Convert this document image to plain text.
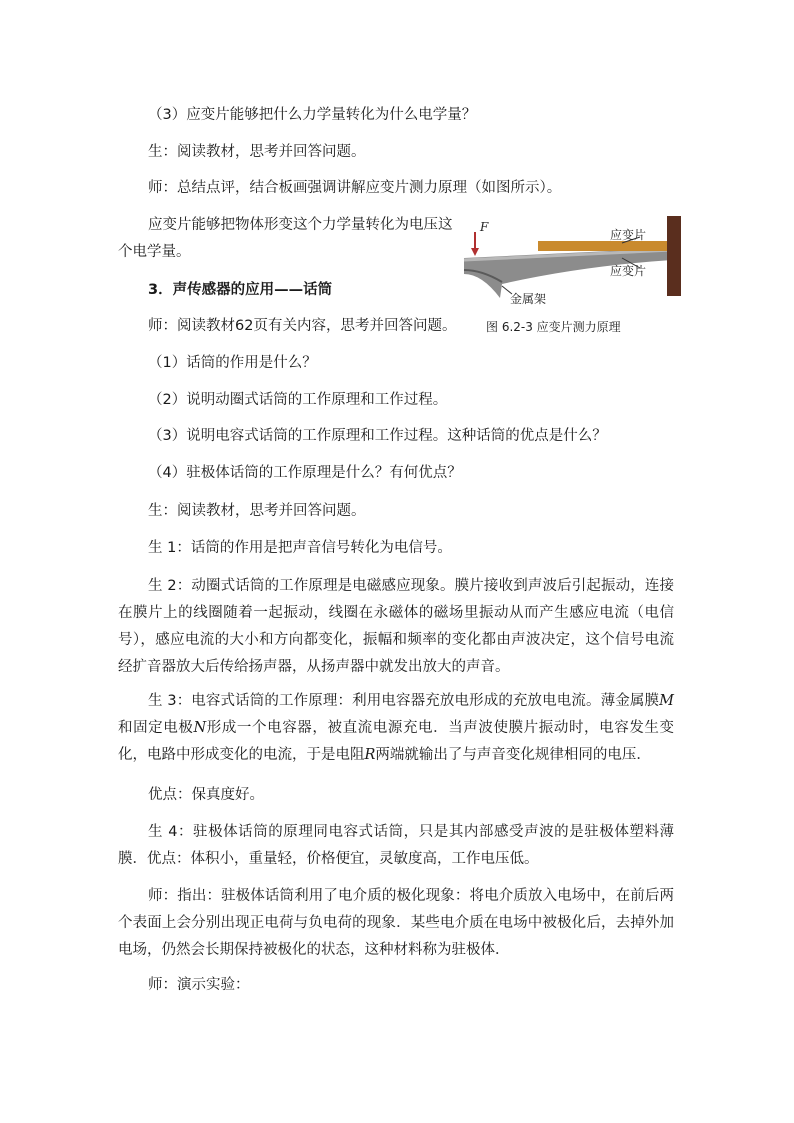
（3）应变片能够把什么力学量转化为什么电学量？
生：阅读教材，思考并回答问题。
师：总结点评，结合板画强调讲解应变片测力原理（如图所示）。
应变片能够把物体形变这个力学量转化为电压这
个电学量。
3．声传感器的应用——话筒
师：阅读教材62页有关内容，思考并回答问题。
F
应变片
应变片
金属架
图 6.2-3 应变片测力原理
（1）话筒的作用是什么？
（2）说明动圈式话筒的工作原理和工作过程。
（3）说明电容式话筒的工作原理和工作过程。这种话筒的优点是什么？
（4）驻极体话筒的工作原理是什么？有何优点？
生：阅读教材，思考并回答问题。
生 1：话筒的作用是把声音信号转化为电信号。
生 2：动圈式话筒的工作原理是电磁感应现象。膜片接收到声波后引起振动，连接在膜片上的线圈随着一起振动，线圈在永磁体的磁场里振动从而产生感应电流（电信号），感应电流的大小和方向都变化，振幅和频率的变化都由声波决定，这个信号电流经扩音器放大后传给扬声器，从扬声器中就发出放大的声音。
生 3：电容式话筒的工作原理：利用电容器充放电形成的充放电电流。薄金属膜M和固定电极N形成一个电容器，被直流电源充电．当声波使膜片振动时，电容发生变化，电路中形成变化的电流，于是电阻R两端就输出了与声音变化规律相同的电压．
优点：保真度好。
生 4：驻极体话筒的原理同电容式话筒，只是其内部感受声波的是驻极体塑料薄膜．优点：体积小，重量轻，价格便宜，灵敏度高，工作电压低。
师：指出：驻极体话筒利用了电介质的极化现象：将电介质放入电场中，在前后两个表面上会分别出现正电荷与负电荷的现象．某些电介质在电场中被极化后，去掉外加电场，仍然会长期保持被极化的状态，这种材料称为驻极体．
师：演示实验：
